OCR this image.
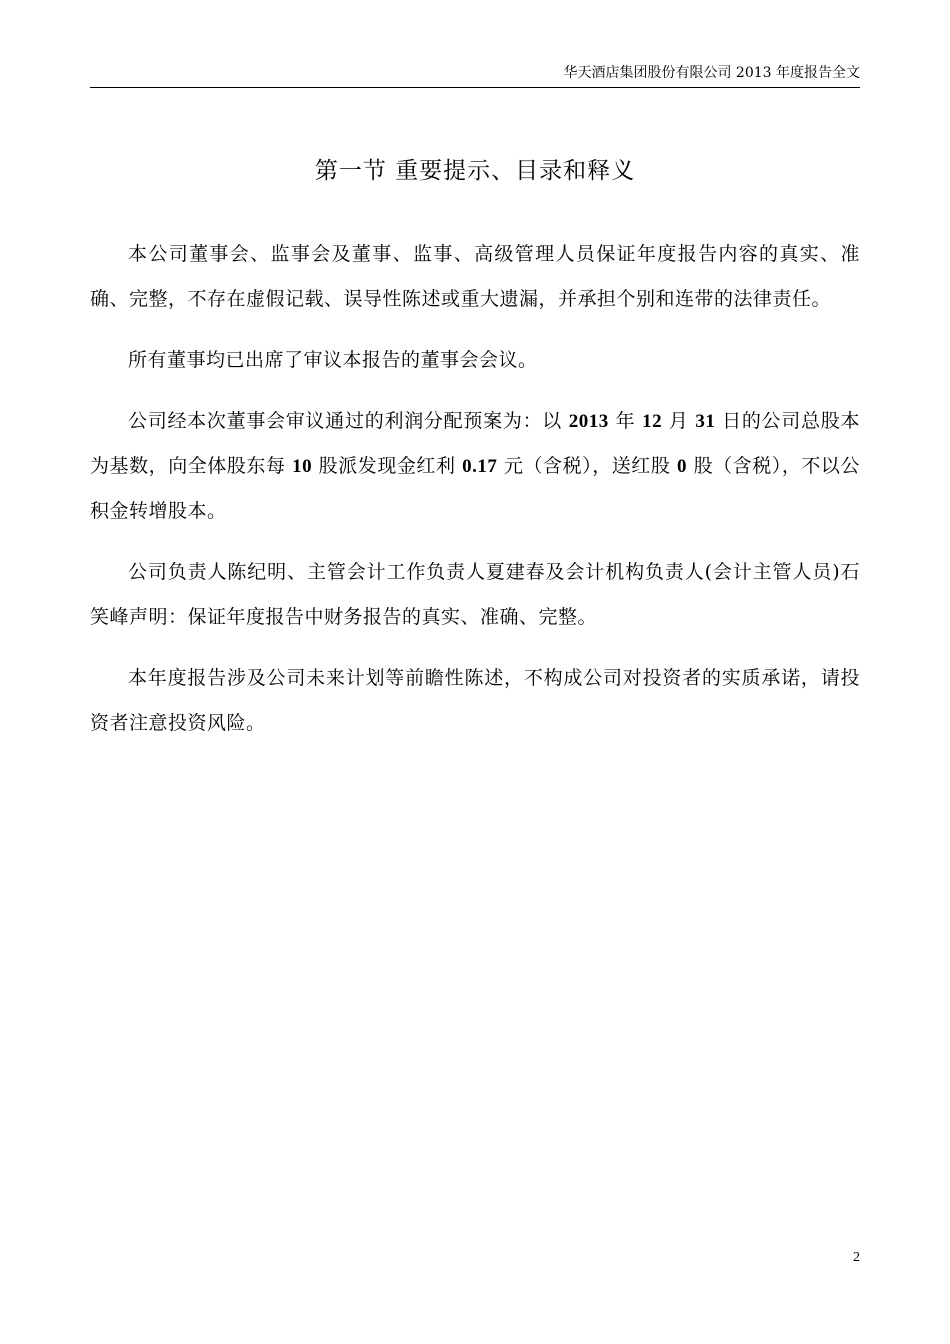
华天酒店集团股份有限公司 2013 年度报告全文
第一节 重要提示、目录和释义

本公司董事会、监事会及董事、监事、高级管理人员保证年度报告内容的真实、准确、完整，不存在虚假记载、误导性陈述或重大遗漏，并承担个别和连带的法律责任。

所有董事均已出席了审议本报告的董事会会议。

公司经本次董事会审议通过的利润分配预案为：以 2013 年 12 月 31 日的公司总股本为基数，向全体股东每 10 股派发现金红利 0.17 元（含税），送红股 0 股（含税），不以公积金转增股本。

公司负责人陈纪明、主管会计工作负责人夏建春及会计机构负责人(会计主管人员)石笑峰声明：保证年度报告中财务报告的真实、准确、完整。

本年度报告涉及公司未来计划等前瞻性陈述，不构成公司对投资者的实质承诺，请投资者注意投资风险。

2
